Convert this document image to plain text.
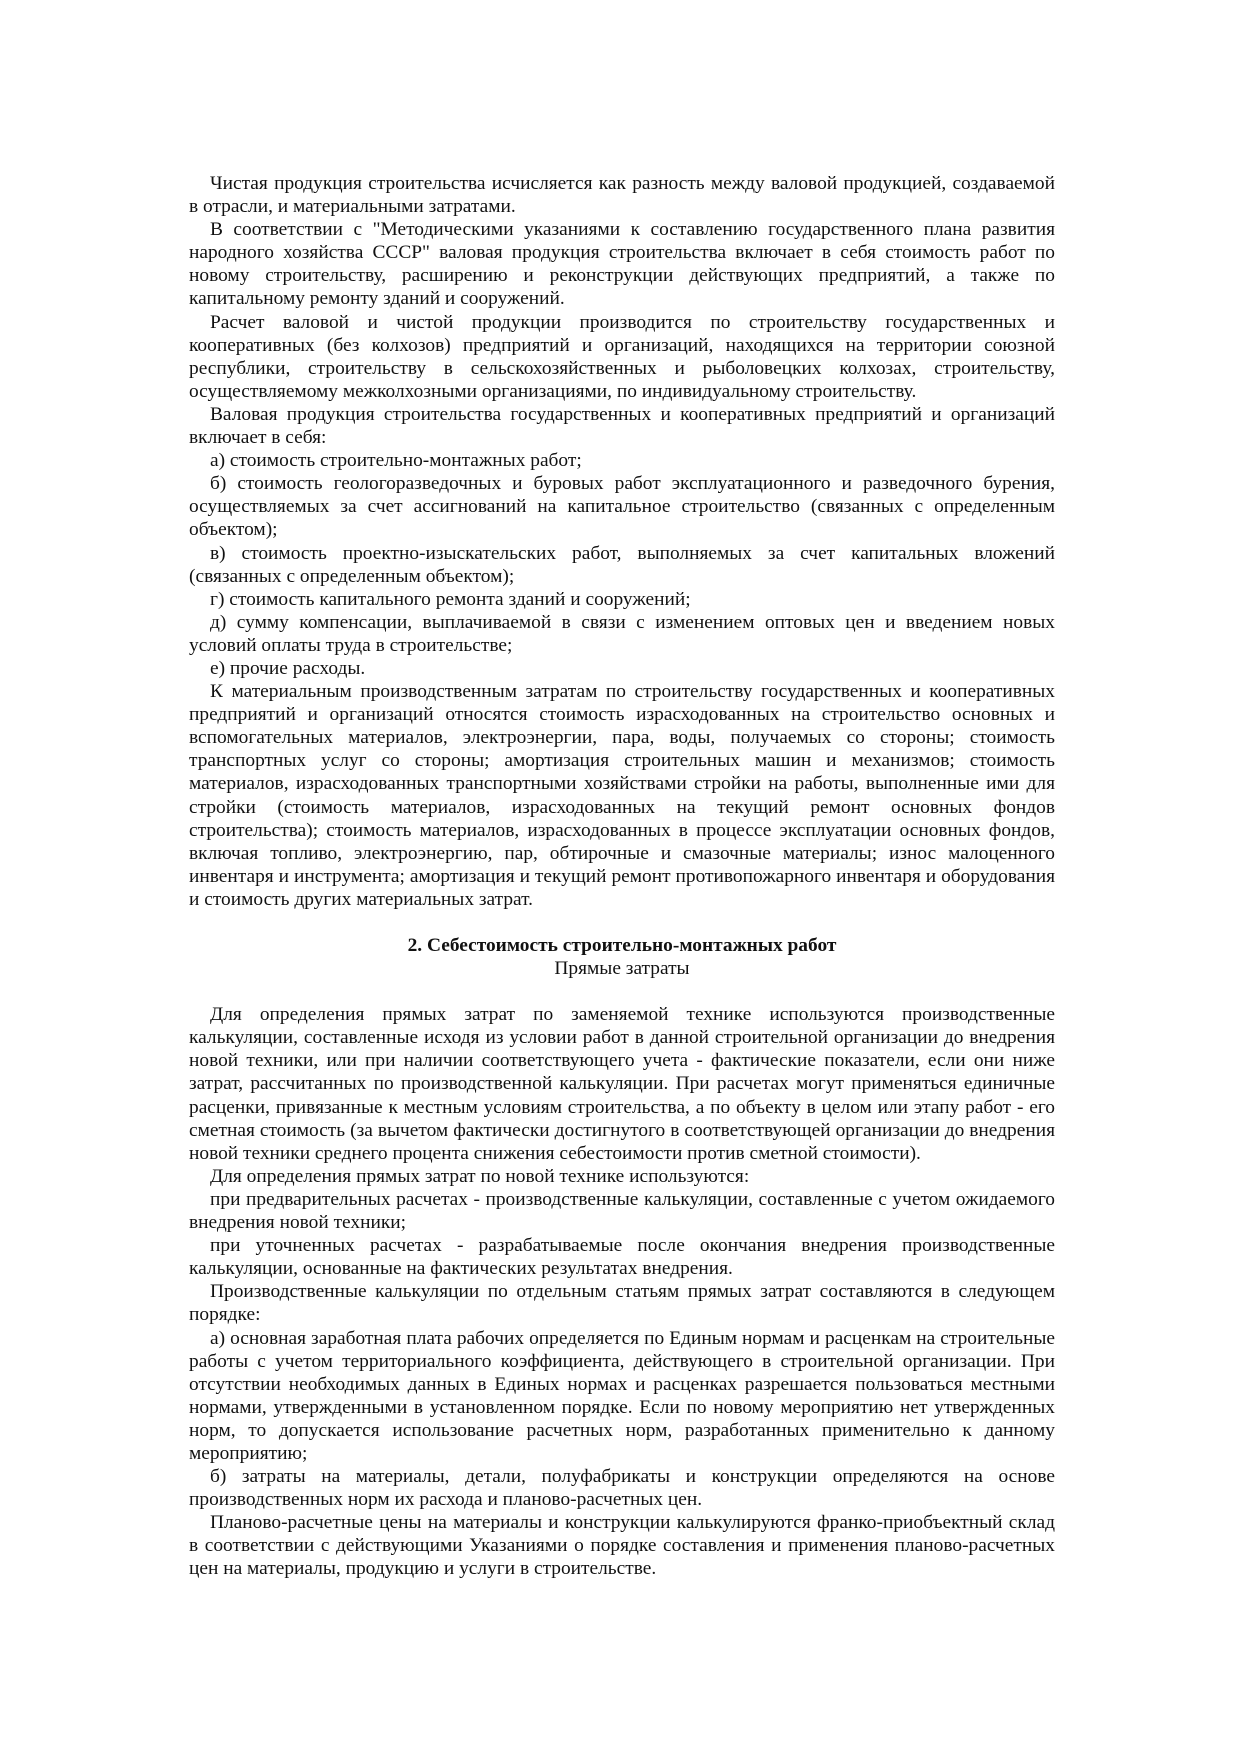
Чистая продукция строительства исчисляется как разность между валовой продукцией, создаваемой в отрасли, и материальными затратами.

В соответствии с "Методическими указаниями к составлению государственного плана развития народного хозяйства СССР" валовая продукция строительства включает в себя стоимость работ по новому строительству, расширению и реконструкции действующих предприятий, а также по капитальному ремонту зданий и сооружений.

Расчет валовой и чистой продукции производится по строительству государственных и кооперативных (без колхозов) предприятий и организаций, находящихся на территории союзной республики, строительству в сельскохозяйственных и рыболовецких колхозах, строительству, осуществляемому межколхозными организациями, по индивидуальному строительству.

Валовая продукция строительства государственных и кооперативных предприятий и организаций включает в себя:

а) стоимость строительно-монтажных работ;

б) стоимость геологоразведочных и буровых работ эксплуатационного и разведочного бурения, осуществляемых за счет ассигнований на капитальное строительство (связанных с определенным объектом);

в) стоимость проектно-изыскательских работ, выполняемых за счет капитальных вложений (связанных с определенным объектом);

г) стоимость капитального ремонта зданий и сооружений;

д) сумму компенсации, выплачиваемой в связи с изменением оптовых цен и введением новых условий оплаты труда в строительстве;

е) прочие расходы.

К материальным производственным затратам по строительству государственных и кооперативных предприятий и организаций относятся стоимость израсходованных на строительство основных и вспомогательных материалов, электроэнергии, пара, воды, получаемых со стороны; стоимость транспортных услуг со стороны; амортизация строительных машин и механизмов; стоимость материалов, израсходованных транспортными хозяйствами стройки на работы, выполненные ими для стройки (стоимость материалов, израсходованных на текущий ремонт основных фондов строительства); стоимость материалов, израсходованных в процессе эксплуатации основных фондов, включая топливо, электроэнергию, пар, обтирочные и смазочные материалы; износ малоценного инвентаря и инструмента; амортизация и текущий ремонт противопожарного инвентаря и оборудования и стоимость других материальных затрат.

2. Себестоимость строительно-монтажных работ
Прямые затраты

Для определения прямых затрат по заменяемой технике используются производственные калькуляции, составленные исходя из условии работ в данной строительной организации до внедрения новой техники, или при наличии соответствующего учета - фактические показатели, если они ниже затрат, рассчитанных по производственной калькуляции. При расчетах могут применяться единичные расценки, привязанные к местным условиям строительства, а по объекту в целом или этапу работ - его сметная стоимость (за вычетом фактически достигнутого в соответствующей организации до внедрения новой техники среднего процента снижения себестоимости против сметной стоимости).

Для определения прямых затрат по новой технике используются:

при предварительных расчетах - производственные калькуляции, составленные с учетом ожидаемого внедрения новой техники;

при уточненных расчетах - разрабатываемые после окончания внедрения производственные калькуляции, основанные на фактических результатах внедрения.

Производственные калькуляции по отдельным статьям прямых затрат составляются в следующем порядке:

а) основная заработная плата рабочих определяется по Единым нормам и расценкам на строительные работы с учетом территориального коэффициента, действующего в строительной организации. При отсутствии необходимых данных в Единых нормах и расценках разрешается пользоваться местными нормами, утвержденными в установленном порядке. Если по новому мероприятию нет утвержденных норм, то допускается использование расчетных норм, разработанных применительно к данному мероприятию;

б) затраты на материалы, детали, полуфабрикаты и конструкции определяются на основе производственных норм их расхода и планово-расчетных цен.

Планово-расчетные цены на материалы и конструкции калькулируются франко-приобъектный склад в соответствии с действующими Указаниями о порядке составления и применения планово-расчетных цен на материалы, продукцию и услуги в строительстве.
